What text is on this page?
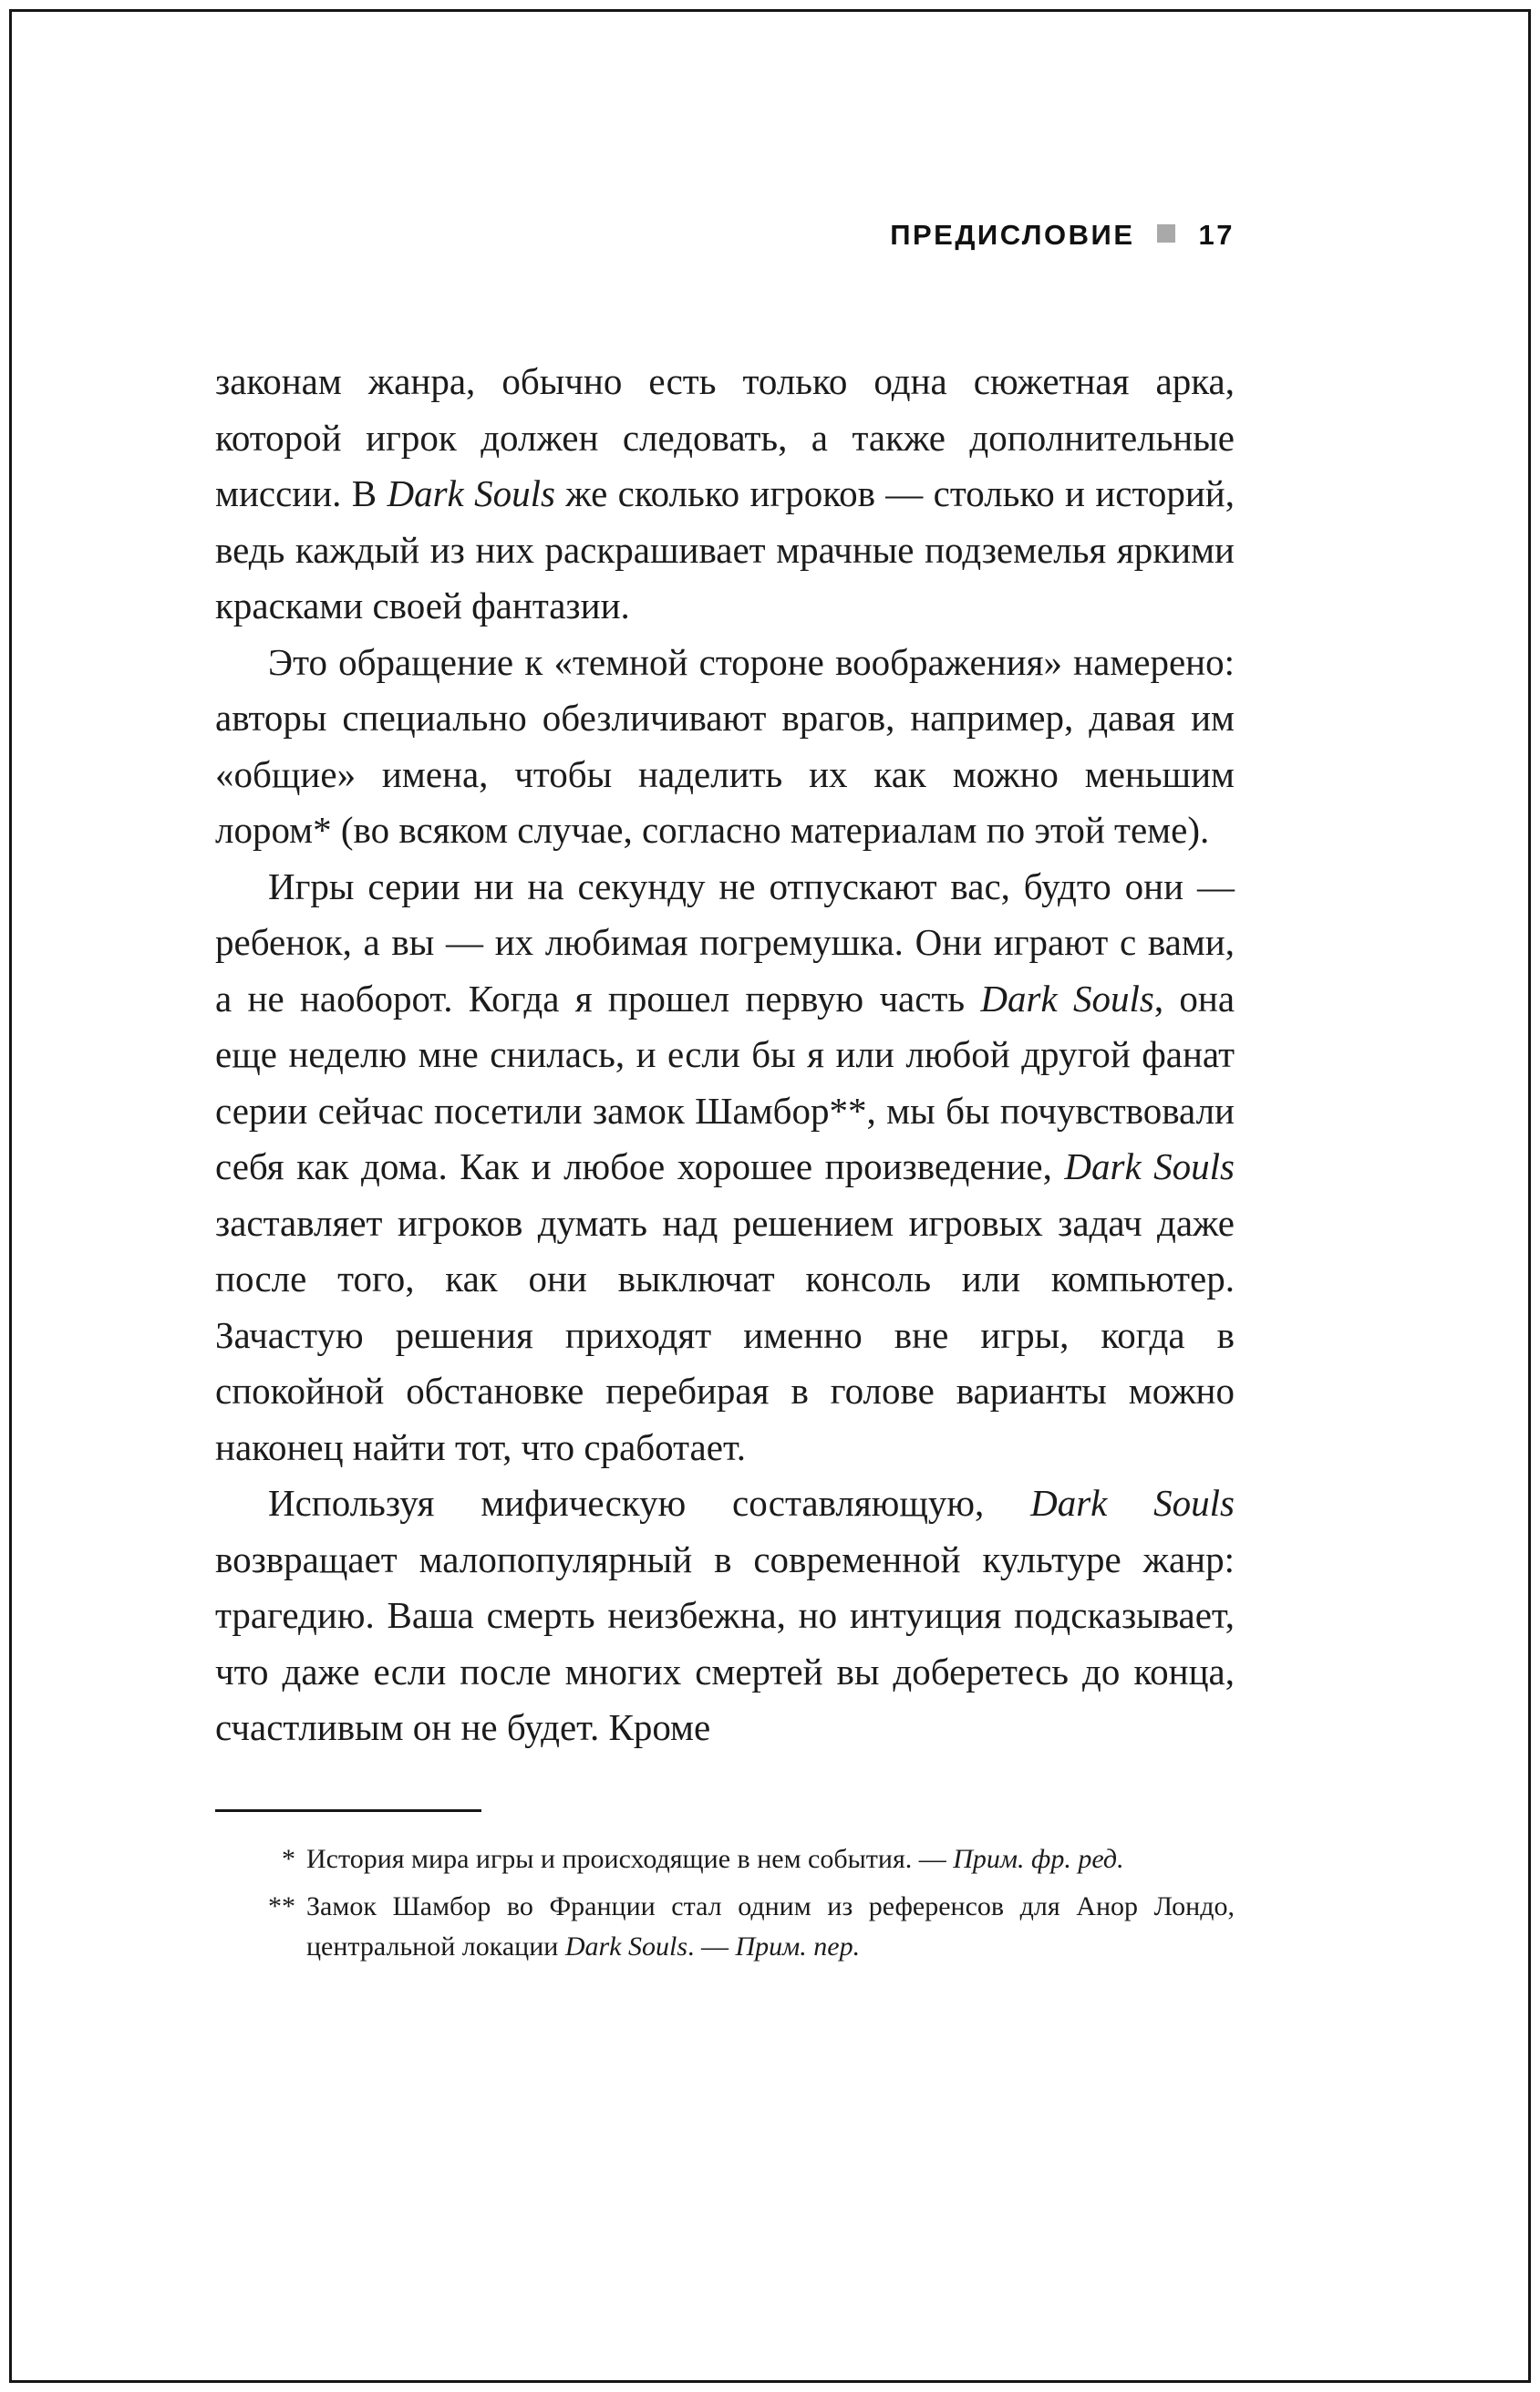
ПРЕДИСЛОВИЕ 17

законам жанра, обычно есть только одна сюжетная арка, которой игрок должен следовать, а также дополнительные миссии. В Dark Souls же сколько игроков — столько и историй, ведь каждый из них раскрашивает мрачные подземелья яркими красками своей фантазии.

Это обращение к «темной стороне воображения» намерено: авторы специально обезличивают врагов, например, давая им «общие» имена, чтобы наделить их как можно меньшим лором* (во всяком случае, согласно материалам по этой теме).

Игры серии ни на секунду не отпускают вас, будто они — ребенок, а вы — их любимая погремушка. Они играют с вами, а не наоборот. Когда я прошел первую часть Dark Souls, она еще неделю мне снилась, и если бы я или любой другой фанат серии сейчас посетили замок Шамбор**, мы бы почувствовали себя как дома. Как и любое хорошее произведение, Dark Souls заставляет игроков думать над решением игровых задач даже после того, как они выключат консоль или компьютер. Зачастую решения приходят именно вне игры, когда в спокойной обстановке перебирая в голове варианты можно наконец найти тот, что сработает.

Используя мифическую составляющую, Dark Souls возвращает малопопулярный в современной культуре жанр: трагедию. Ваша смерть неизбежна, но интуиция подсказывает, что даже если после многих смертей вы доберетесь до конца, счастливым он не будет. Кроме

* История мира игры и происходящие в нем события. — Прим. фр. ред.
** Замок Шамбор во Франции стал одним из референсов для Анор Лондо, центральной локации Dark Souls. — Прим. пер.
